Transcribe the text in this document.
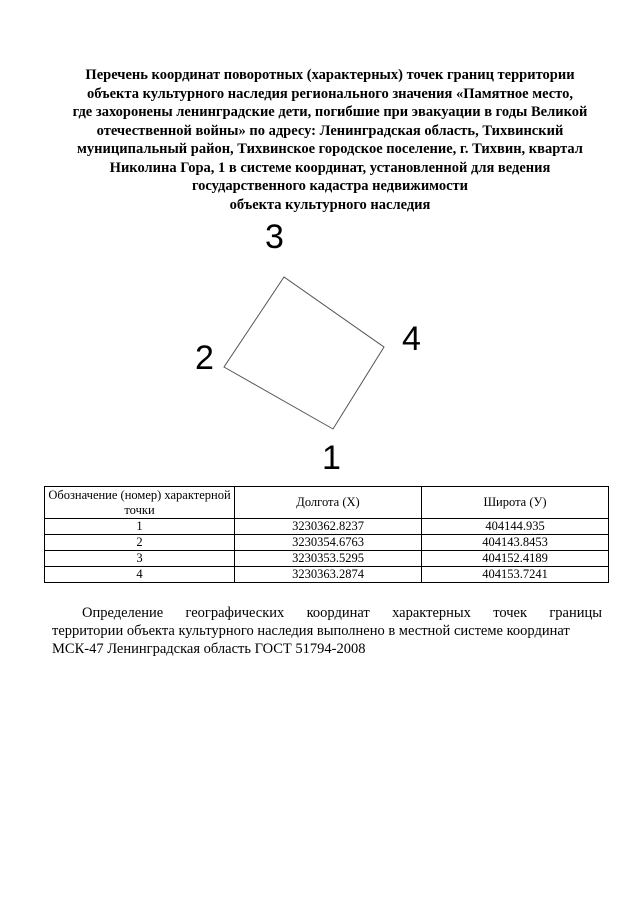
Перечень координат поворотных (характерных) точек границ территории
объекта культурного наследия регионального значения «Памятное место,
где захоронены ленинградские дети, погибшие при эвакуации в годы Великой
отечественной войны» по адресу: Ленинградская область, Тихвинский
муниципальный район, Тихвинское городское поселение, г. Тихвин, квартал
Николина Гора, 1 в системе координат, установленной для ведения
государственного кадастра недвижимости
объекта культурного наследия
1
2
3
4
Обозначение (номер) характерной точки	Долгота (X)	Широта (У)
1	3230362.8237	404144.935
2	3230354.6763	404143.8453
3	3230353.5295	404152.4189
4	3230363.2874	404153.7241
Определение географических координат характерных точек границы
территории объекта культурного наследия выполнено в местной системе координат
МСК-47 Ленинградская область ГОСТ 51794-2008
